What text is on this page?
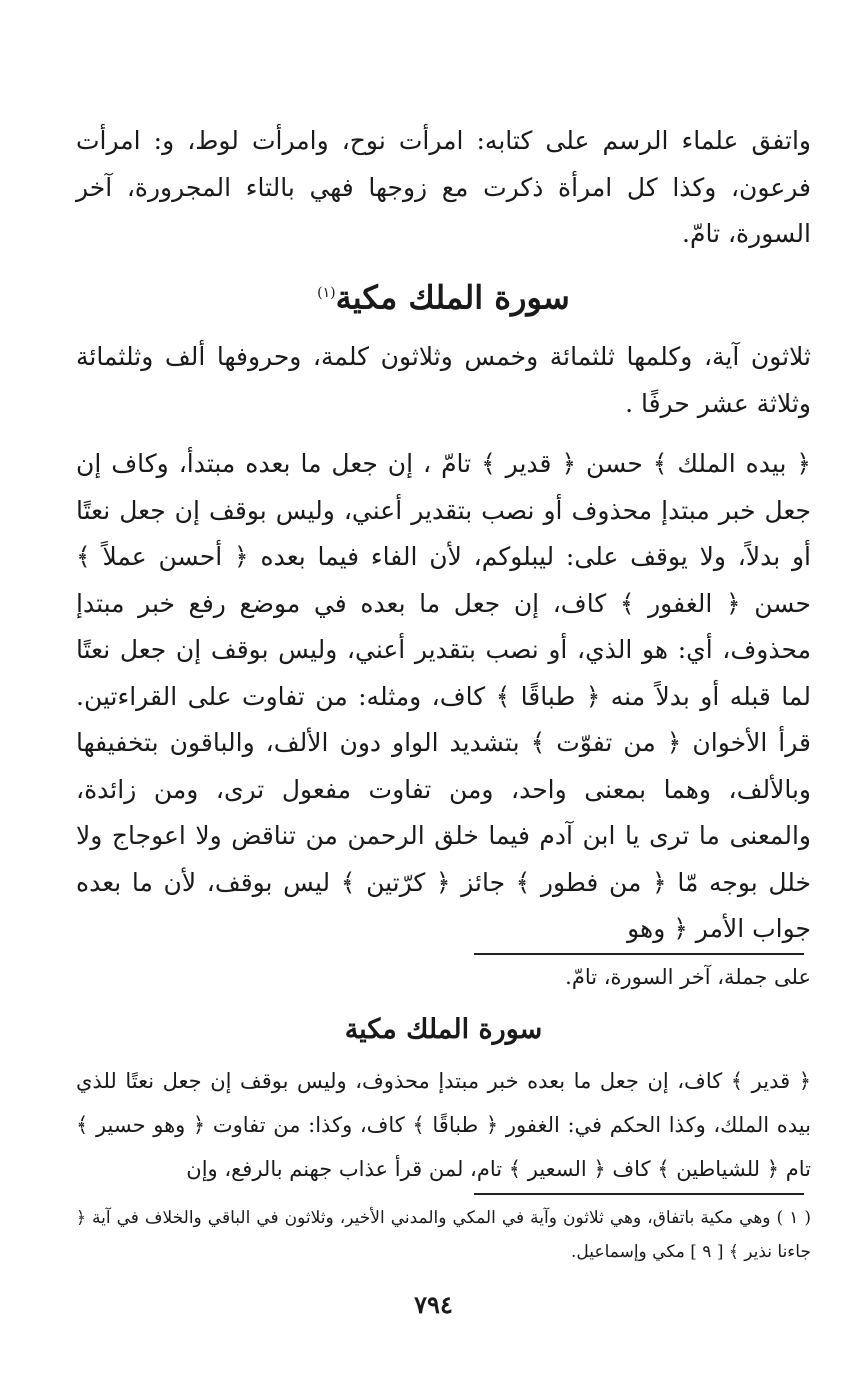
واتفق علماء الرسم على كتابه: امرأت نوح، وامرأت لوط، و: امرأت فرعون، وكذا كل امرأة ذكرت مع زوجها فهي بالتاء المجرورة، آخر السورة، تامّ.

سورة الملك مكية$^{(١)}$

ثلاثون آية، وكلمها ثلثمائة وخمس وثلاثون كلمة، وحروفها ألف وثلثمائة وثلاثة عشر حرفًا .

﴿ بيده الملك ﴾ حسن ﴿ قدير ﴾ تامّ ، إن جعل ما بعده مبتدأ، وكاف إن جعل خبر مبتدإ محذوف أو نصب بتقدير أعني، وليس بوقف إن جعل نعتًا أو بدلاً، ولا يوقف على: ليبلوكم، لأن الفاء فيما بعده ﴿ أحسن عملاً ﴾ حسن ﴿ الغفور ﴾ كاف، إن جعل ما بعده في موضع رفع خبر مبتدإ محذوف، أي: هو الذي، أو نصب بتقدير أعني، وليس بوقف إن جعل نعتًا لما قبله أو بدلاً منه ﴿ طباقًا ﴾ كاف، ومثله: من تفاوت على القراءتين. قرأ الأخوان ﴿ من تفوّت ﴾ بتشديد الواو دون الألف، والباقون بتخفيفها وبالألف، وهما بمعنى واحد، ومن تفاوت مفعول ترى، ومن زائدة، والمعنى ما ترى يا ابن آدم فيما خلق الرحمن من تناقض ولا اعوجاج ولا خلل بوجه مّا ﴿ من فطور ﴾ جائز ﴿ كرّتين ﴾ ليس بوقف، لأن ما بعده جواب الأمر ﴿ وهو

على جملة، آخر السورة، تامّ.

سورة الملك مكية

﴿ قدير ﴾ كاف، إن جعل ما بعده خبر مبتدإ محذوف، وليس بوقف إن جعل نعتًا للذي بيده الملك، وكذا الحكم في: الغفور ﴿ طباقًا ﴾ كاف، وكذا: من تفاوت ﴿ وهو حسير ﴾ تام ﴿ للشياطين ﴾ كاف ﴿ السعير ﴾ تام، لمن قرأ عذاب جهنم بالرفع، وإن

( ١ ) وهي مكية باتفاق، وهي ثلاثون وآية في المكي والمدني الأخير، وثلاثون في الباقي والخلاف في آية ﴿ جاءنا نذير ﴾ [ ٩ ] مكي وإسماعيل.

٧٩٤
